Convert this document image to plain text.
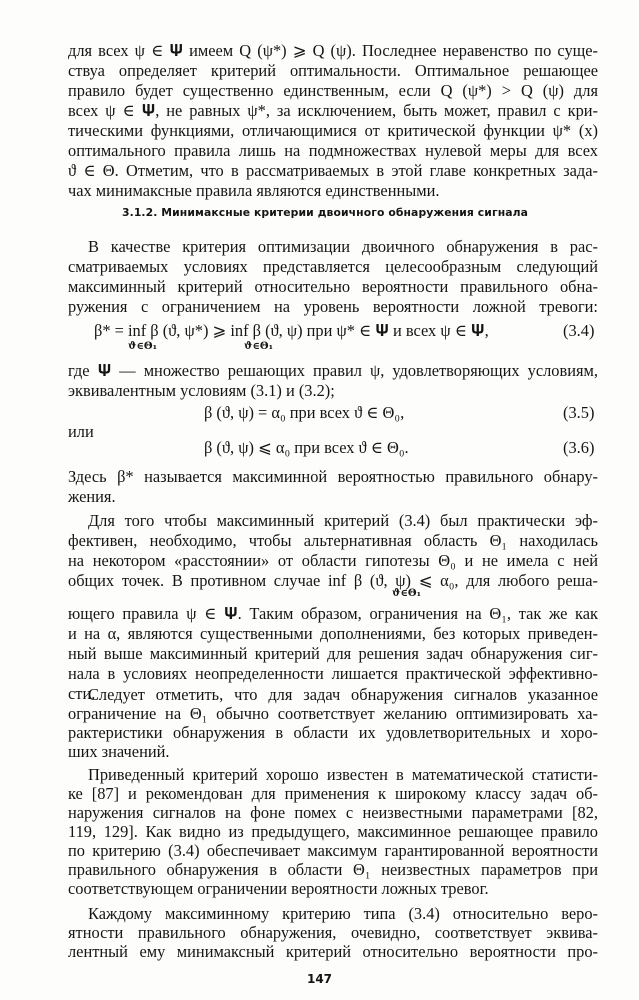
для всех ψ ∈ 𝚿 имеем Q (ψ*) ⩾ Q (ψ). Последнее неравенство по суще-
ствуа определяет критерий оптимальности. Оптимальное решающее
правило будет существенно единственным, если Q (ψ*) > Q (ψ) для
всех ψ ∈ 𝚿, не равных ψ*, за исключением, быть может, правил с кри-
тическими функциями, отличающимися от критической функции ψ* (x)
оптимального правила лишь на подмножествах нулевой меры для всех
ϑ ∈ Θ. Отметим, что в рассматриваемых в этой главе конкретных зада-
чах минимаксные правила являются единственными.
3.1.2. Минимаксные критерии двоичного обнаружения сигнала
В качестве критерия оптимизации двоичного обнаружения в рас-
сматриваемых условиях представляется целесообразным следующий
максиминный критерий относительно вероятности правильного обна-
ружения с ограничением на уровень вероятности ложной тревоги:
β* = inf β (ϑ, ψ*) ⩾ inf β (ϑ, ψ) при ψ* ∈ 𝚿 и всех ψ ∈ 𝚿,
ϑ∈Θ₁	ϑ∈Θ₁
(3.4)
где 𝚿 — множество решающих правил ψ, удовлетворяющих условиям,
эквивалентным условиям (3.1) и (3.2);
β (ϑ, ψ) = α₀ при всех ϑ ∈ Θ₀,	(3.5)
или
β (ϑ, ψ) ⩽ α₀ при всех ϑ ∈ Θ₀.	(3.6)
Здесь β* называется максиминной вероятностью правильного обнару-
жения.
Для того чтобы максиминный критерий (3.4) был практически эф-
фективен, необходимо, чтобы альтернативная область Θ₁ находилась
на некотором «расстоянии» от области гипотезы Θ₀ и не имела с ней
общих точек. В противном случае inf β (ϑ, ψ) ⩽ α₀, для любого реша-
ϑ∈Θ₁
ющего правила ψ ∈ 𝚿. Таким образом, ограничения на Θ₁, так же как
и на α, являются существенными дополнениями, без которых приведен-
ный выше максиминный критерий для решения задач обнаружения сиг-
нала в условиях неопределенности лишается практической эффективно-
сти.
Следует отметить, что для задач обнаружения сигналов указанное
ограничение на Θ₁ обычно соответствует желанию оптимизировать ха-
рактеристики обнаружения в области их удовлетворительных и хоро-
ших значений.
Приведенный критерий хорошо известен в математической статисти-
ке [87] и рекомендован для применения к широкому классу задач об-
наружения сигналов на фоне помех с неизвестными параметрами [82,
119, 129]. Как видно из предыдущего, максиминное решающее правило
по критерию (3.4) обеспечивает максимум гарантированной вероятности
правильного обнаружения в области Θ₁ неизвестных параметров при
соответствующем ограничении вероятности ложных тревог.
147
Каждому максиминному критерию типа (3.4) относительно веро-
ятности правильного обнаружения, очевидно, соответствует эквива-
лентный ему минимаксный критерий относительно вероятности про-
